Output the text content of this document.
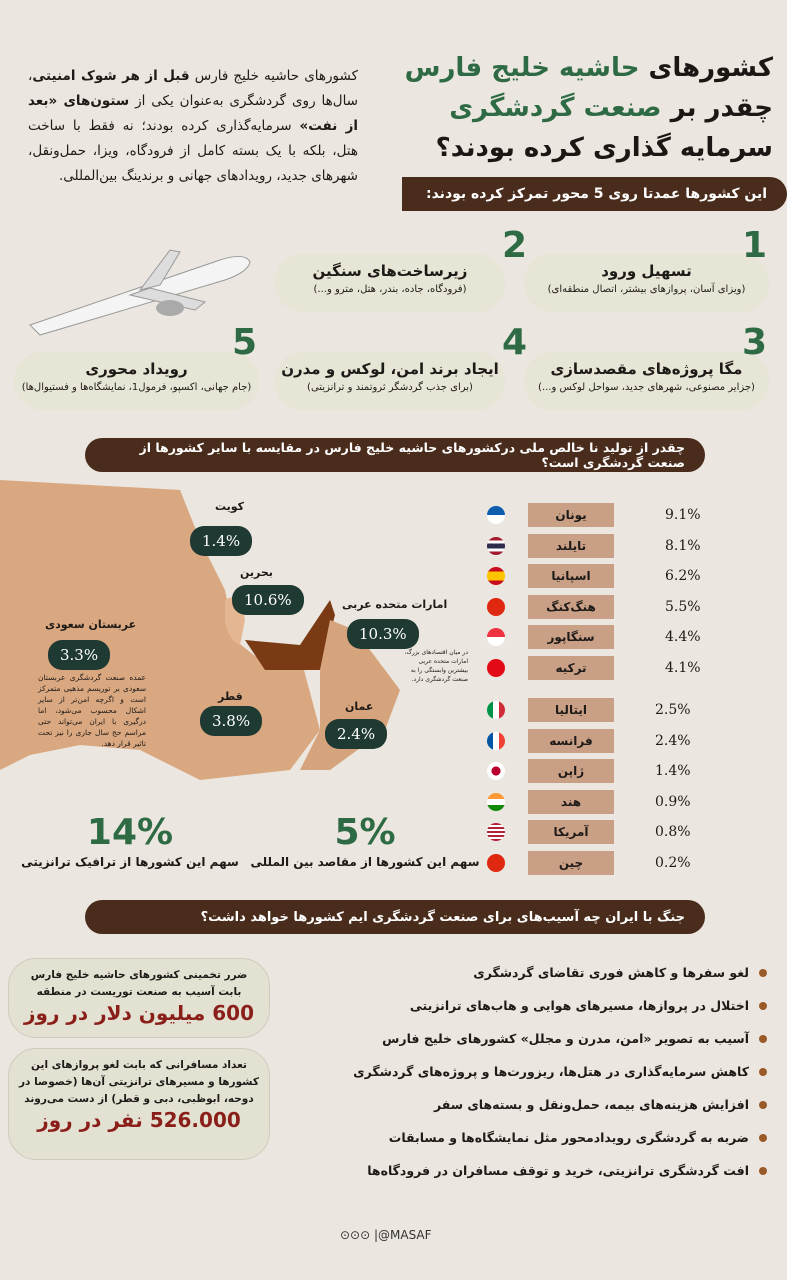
کشورهای حاشیه خلیج فارس چقدر بر صنعت گردشگری سرمایه گذاری کرده بودند؟
کشورهای حاشیه خلیج فارس قبل از هر شوک امنیتی، سال‌ها روی گردشگری به‌عنوان یکی از ستون‌های «بعد از نفت» سرمایه‌گذاری کرده بودند؛ نه فقط با ساخت هتل، بلکه با یک بسته کامل از فرودگاه، ویزا، حمل‌ونقل، شهرهای جدید، رویدادهای جهانی و برندینگ بین‌المللی.
این کشورها عمدتا روی 5 محور تمرکز کرده بودند:
تسهیل ورود
(ویزای آسان، پروازهای بیشتر، اتصال منطقه‌ای)
1
زیرساخت‌های سنگین
(فرودگاه، جاده، بندر، هتل، مترو و...)
2
مگا پروژه‌های مقصدسازی
(جزایر مصنوعی، شهرهای جدید، سواحل لوکس و...)
3
ایجاد برند امن، لوکس و مدرن
(برای جذب گردشگر ثروتمند و ترانزیتی)
4
رویداد محوری
(جام جهانی، اکسپو، فرمول1، نمایشگاه‌ها و فستیوال‌ها)
5
چقدر از تولید نا خالص ملی درکشورهای حاشیه خلیج فارس در مقایسه با سایر کشورها از صنعت گردشگری است؟
کویت
1.4%
بحرین
10.6%	امارات متحده عربی
10.3%
در میان اقتصادهای بزرگ، امارات متحده عربی بیشترین وابستگی را به صنعت گردشگری دارد.
عربستان سعودی
3.3%
عمده صنعت گردشگری عربستان سعودی بر توریسم مذهبی متمرکز است و اگرچه امن‌تر از سایر اشکال محسوب می‌شود، اما درگیری با ایران می‌تواند حتی مراسم حج سال جاری را نیز تحت تاثیر قرار دهد.
قطر
3.8%
عمان
2.4%
14%
سهم این کشورها از ترافیک ترانزیتی
5%
سهم این کشورها از مقاصد بین المللی
یونان	9.1%
تایلند	8.1%
اسپانیا	6.2%
هنگ‌کنگ	5.5%
سنگاپور	4.4%
ترکیه	4.1%
ایتالیا	2.5%
فرانسه	2.4%
ژاپن	1.4%
هند	0.9%
آمریکا	0.8%
چین	0.2%
جنگ با ایران چه آسیب‌های برای صنعت گردشگری ایم کشورها خواهد داشت؟
ضرر تخمینی کشورهای حاشیه خلیج فارس بابت آسیب به صنعت توریست در منطقه
600 میلیون دلار در روز
تعداد مسافرانی که بابت لغو پروازهای این کشورها و مسیرهای ترانزیتی آن‌ها (خصوصا در دوحه، ابوظبی، دبی و قطر) از دست می‌روند
526.000 نفر در روز
لغو سفرها و کاهش فوری تقاضای گردشگری
اختلال در پروازها، مسیرهای هوایی و هاب‌های ترانزیتی
آسیب به تصویر «امن، مدرن و مجلل» کشورهای خلیج فارس
کاهش سرمایه‌گذاری در هتل‌ها، ریزورت‌ها و پروژه‌های گردشگری
افزایش هزینه‌های بیمه، حمل‌ونقل و بسته‌های سفر
ضربه به گردشگری رویدادمحور مثل نمایشگاه‌ها و مسابقات
افت گردشگری ترانزیتی، خرید و توقف مسافران در فرودگاه‌ها
⊙⊙⊙ |@MASAF
